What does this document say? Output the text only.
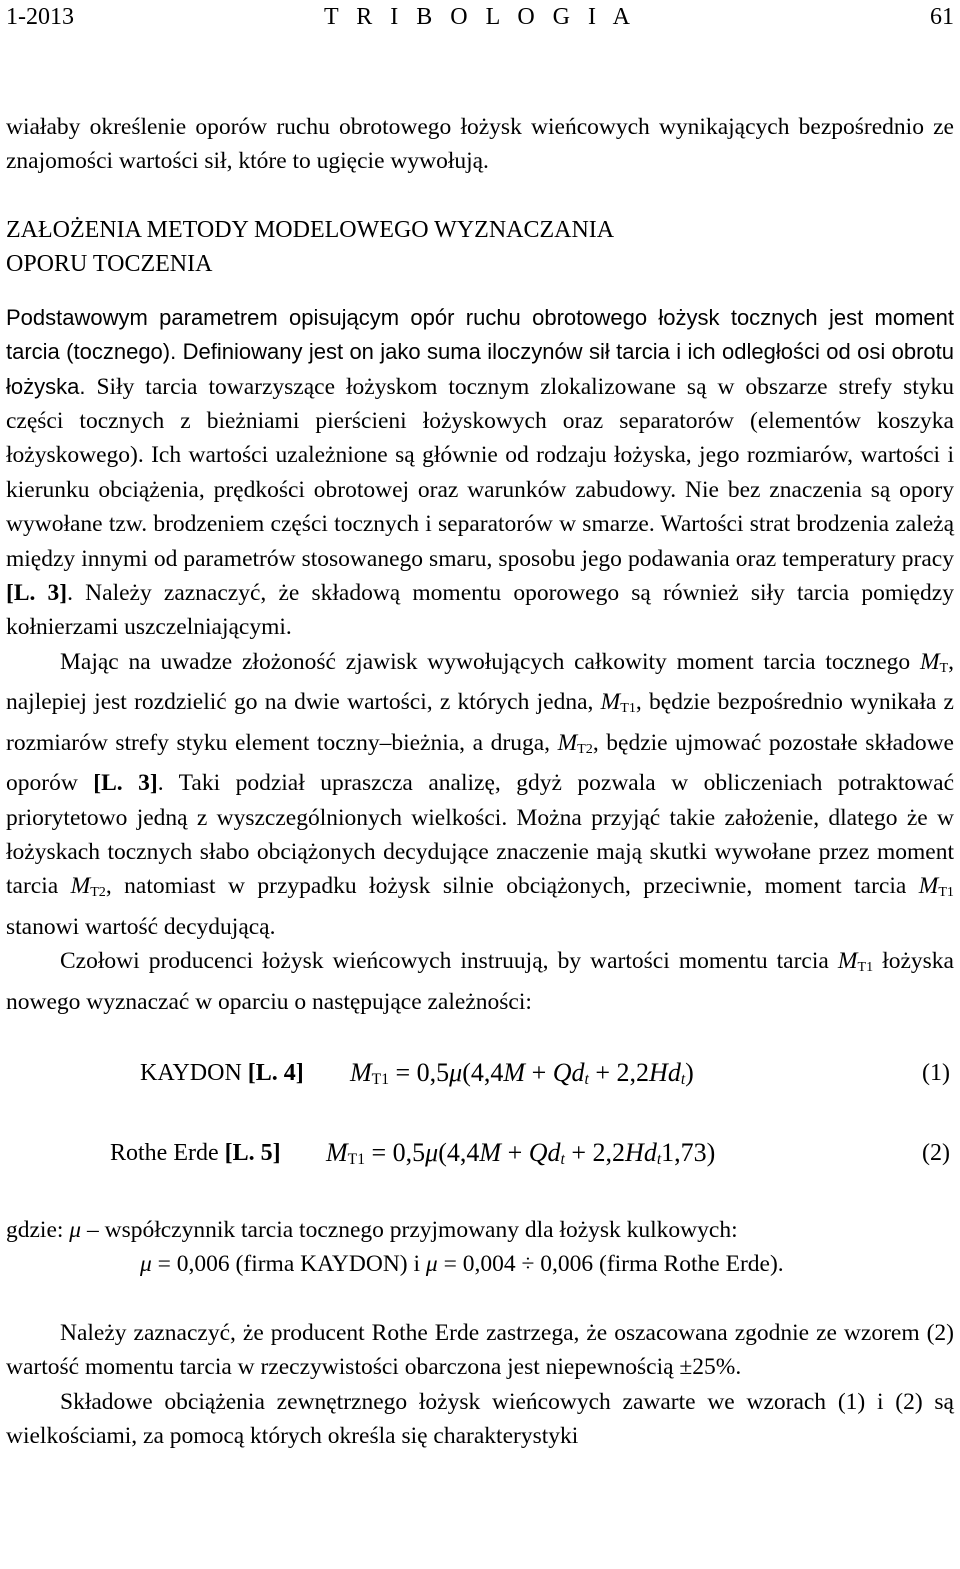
1-2013	T R I B O L O G I A	61

wiałaby określenie oporów ruchu obrotowego łożysk wieńcowych wynikających bezpośrednio ze znajomości wartości sił, które to ugięcie wywołują.

ZAŁOŻENIA METODY MODELOWEGO WYZNACZANIA
OPORU TOCZENIA

Podstawowym parametrem opisującym opór ruchu obrotowego łożysk tocznych jest moment tarcia (tocznego). Definiowany jest on jako suma iloczynów sił tarcia i ich odległości od osi obrotu łożyska. Siły tarcia towarzyszące łożyskom tocznym zlokalizowane są w obszarze strefy styku części tocznych z bieżniami pierścieni łożyskowych oraz separatorów (elementów koszyka łożyskowego). Ich wartości uzależnione są głównie od rodzaju łożyska, jego rozmiarów, wartości i kierunku obciążenia, prędkości obrotowej oraz warunków zabudowy. Nie bez znaczenia są opory wywołane tzw. brodzeniem części tocznych i separatorów w smarze. Wartości strat brodzenia zależą między innymi od parametrów stosowanego smaru, sposobu jego podawania oraz temperatury pracy [L. 3]. Należy zaznaczyć, że składową momentu oporowego są również siły tarcia pomiędzy kołnierzami uszczelniającymi.

Mając na uwadze złożoność zjawisk wywołujących całkowity moment tarcia tocznego $M_T$, najlepiej jest rozdzielić go na dwie wartości, z których jedna, $M_{T1}$, będzie bezpośrednio wynikała z rozmiarów strefy styku element toczny–bieżnia, a druga, $M_{T2}$, będzie ujmować pozostałe składowe oporów [L. 3]. Taki podział upraszcza analizę, gdyż pozwala w obliczeniach potraktować priorytetowo jedną z wyszczególnionych wielkości. Można przyjąć takie założenie, dlatego że w łożyskach tocznych słabo obciążonych decydujące znaczenie mają skutki wywołane przez moment tarcia $M_{T2}$, natomiast w przypadku łożysk silnie obciążonych, przeciwnie, moment tarcia $M_{T1}$ stanowi wartość decydującą.

Czołowi producenci łożysk wieńcowych instruują, by wartości momentu tarcia $M_{T1}$ łożyska nowego wyznaczać w oparciu o następujące zależności:

KAYDON [L. 4] $M_{T1} = 0,5\mu(4,4M + Qd_t + 2,2Hd_t)$	(1)
Rothe Erde [L. 5] $M_{T1} = 0,5\mu(4,4M + Qd_t + 2,2Hd_t1,73)$	(2)

gdzie: μ – współczynnik tarcia tocznego przyjmowany dla łożysk kulkowych:
μ = 0,006 (firma KAYDON) i μ = 0,004 ÷ 0,006 (firma Rothe Erde).

Należy zaznaczyć, że producent Rothe Erde zastrzega, że oszacowana zgodnie ze wzorem (2) wartość momentu tarcia w rzeczywistości obarczona jest niepewnością ±25%.

Składowe obciążenia zewnętrznego łożysk wieńcowych zawarte we wzorach (1) i (2) są wielkościami, za pomocą których określa się charakterystyki
